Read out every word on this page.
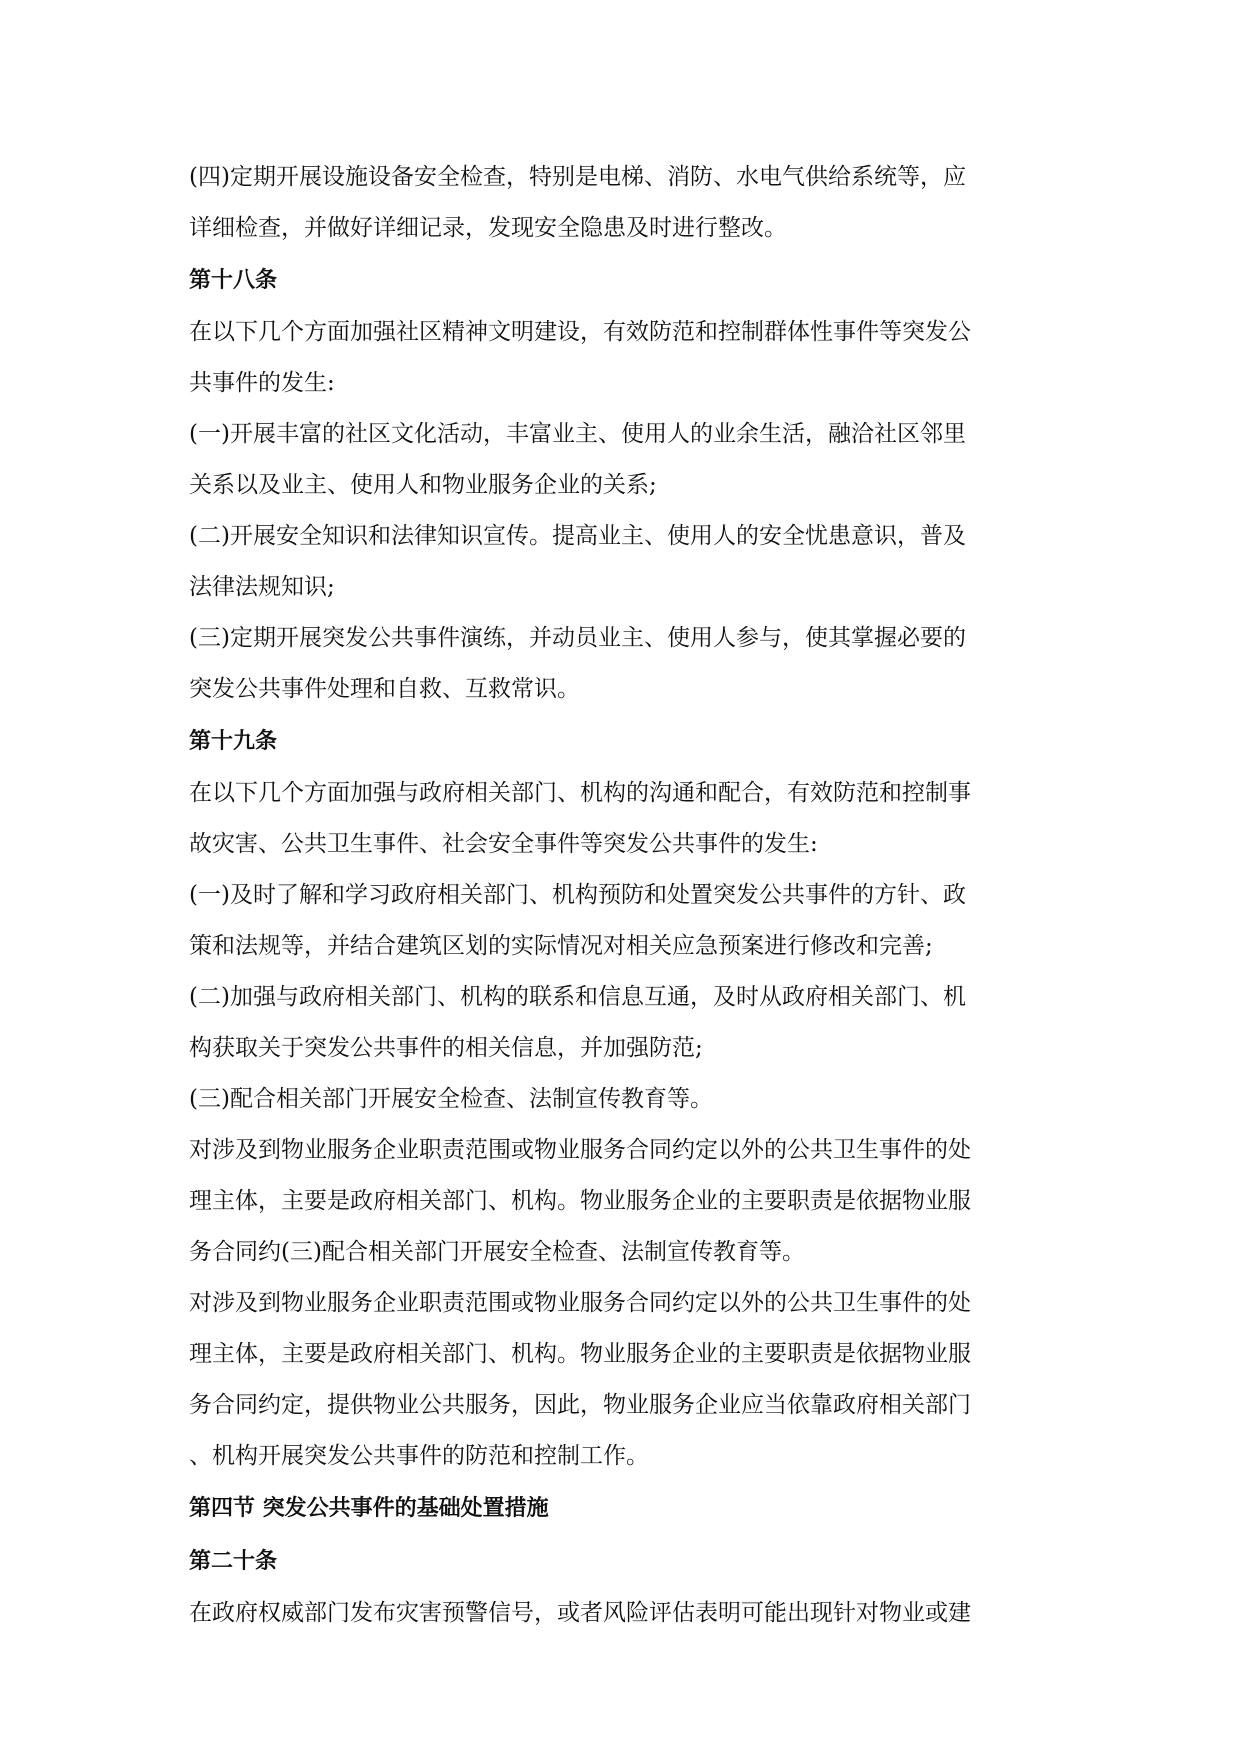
(四)定期开展设施设备安全检查，特别是电梯、消防、水电气供给系统等，应
详细检查，并做好详细记录，发现安全隐患及时进行整改。
第十八条
在以下几个方面加强社区精神文明建设，有效防范和控制群体性事件等突发公
共事件的发生:
(一)开展丰富的社区文化活动，丰富业主、使用人的业余生活，融洽社区邻里
关系以及业主、使用人和物业服务企业的关系;
(二)开展安全知识和法律知识宣传。提高业主、使用人的安全忧患意识，普及
法律法规知识;
(三)定期开展突发公共事件演练，并动员业主、使用人参与，使其掌握必要的
突发公共事件处理和自救、互救常识。
第十九条
在以下几个方面加强与政府相关部门、机构的沟通和配合，有效防范和控制事
故灾害、公共卫生事件、社会安全事件等突发公共事件的发生:
(一)及时了解和学习政府相关部门、机构预防和处置突发公共事件的方针、政
策和法规等，并结合建筑区划的实际情况对相关应急预案进行修改和完善;
(二)加强与政府相关部门、机构的联系和信息互通，及时从政府相关部门、机
构获取关于突发公共事件的相关信息，并加强防范;
(三)配合相关部门开展安全检查、法制宣传教育等。
对涉及到物业服务企业职责范围或物业服务合同约定以外的公共卫生事件的处
理主体，主要是政府相关部门、机构。物业服务企业的主要职责是依据物业服
务合同约(三)配合相关部门开展安全检查、法制宣传教育等。
对涉及到物业服务企业职责范围或物业服务合同约定以外的公共卫生事件的处
理主体，主要是政府相关部门、机构。物业服务企业的主要职责是依据物业服
务合同约定，提供物业公共服务，因此，物业服务企业应当依靠政府相关部门
、机构开展突发公共事件的防范和控制工作。
第四节 突发公共事件的基础处置措施
第二十条
在政府权威部门发布灾害预警信号，或者风险评估表明可能出现针对物业或建
